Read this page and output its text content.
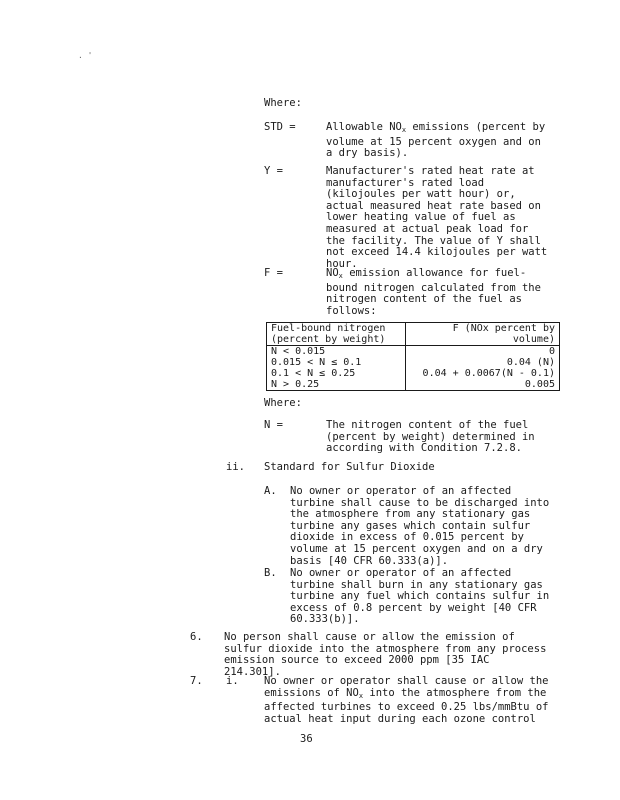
. '
Where:
STD =	Allowable $NO_x$ emissions (percent by volume at 15 percent oxygen and on a dry basis).
Y =	Manufacturer's rated heat rate at manufacturer's rated load (kilojoules per watt hour) or, actual measured heat rate based on lower heating value of fuel as measured at actual peak load for the facility. The value of Y shall not exceed 14.4 kilojoules per watt hour.
F =	$NO_x$ emission allowance for fuel-bound nitrogen calculated from the nitrogen content of the fuel as follows:
Fuel-bound nitrogen (percent by weight)	F (NOx percent by volume)
N < 0.015	0
0.015 < N ≤ 0.1	0.04 (N)
0.1 < N ≤ 0.25	0.04 + 0.0067(N - 0.1)
N > 0.25	0.005
Where:
N =	The nitrogen content of the fuel (percent by weight) determined in according with Condition 7.2.8.
ii. Standard for Sulfur Dioxide
A. No owner or operator of an affected turbine shall cause to be discharged into the atmosphere from any stationary gas turbine any gases which contain sulfur dioxide in excess of 0.015 percent by volume at 15 percent oxygen and on a dry basis [40 CFR 60.333(a)].
B. No owner or operator of an affected turbine shall burn in any stationary gas turbine any fuel which contains sulfur in excess of 0.8 percent by weight [40 CFR 60.333(b)].
6. No person shall cause or allow the emission of sulfur dioxide into the atmosphere from any process emission source to exceed 2000 ppm [35 IAC 214.301].
7. i. No owner or operator shall cause or allow the emissions of $NO_x$ into the atmosphere from the affected turbines to exceed 0.25 lbs/mmBtu of actual heat input during each ozone control
36
